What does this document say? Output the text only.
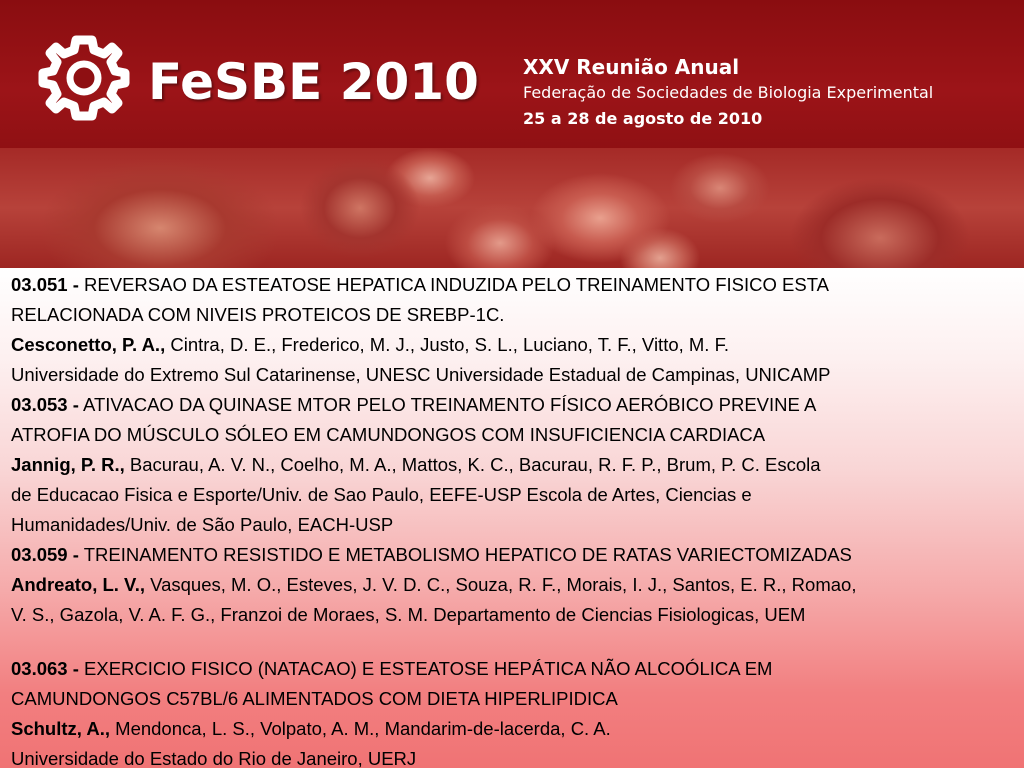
FeSBE 2010 XXV Reunião Anual
Federação de Sociedades de Biologia Experimental
25 a 28 de agosto de 2010

03.051 - REVERSAO DA ESTEATOSE HEPATICA INDUZIDA PELO TREINAMENTO FISICO ESTA

RELACIONADA COM NIVEIS PROTEICOS DE SREBP-1C.

Cesconetto, P. A., Cintra, D. E., Frederico, M. J., Justo, S. L., Luciano, T. F., Vitto, M. F.

Universidade do Extremo Sul Catarinense, UNESC Universidade Estadual de Campinas, UNICAMP

03.053 - ATIVACAO DA QUINASE MTOR PELO TREINAMENTO FÍSICO AERÓBICO PREVINE A

ATROFIA DO MÚSCULO SÓLEO EM CAMUNDONGOS COM INSUFICIENCIA CARDIACA

Jannig, P. R., Bacurau, A. V. N., Coelho, M. A., Mattos, K. C., Bacurau, R. F. P., Brum, P. C. Escola

de Educacao Fisica e Esporte/Univ. de Sao Paulo, EEFE-USP Escola de Artes, Ciencias e

Humanidades/Univ. de São Paulo, EACH-USP

03.059 - TREINAMENTO RESISTIDO E METABOLISMO HEPATICO DE RATAS VARIECTOMIZADAS

Andreato, L. V., Vasques, M. O., Esteves, J. V. D. C., Souza, R. F., Morais, I. J., Santos, E. R., Romao,

V. S., Gazola, V. A. F. G., Franzoi de Moraes, S. M. Departamento de Ciencias Fisiologicas, UEM

03.063 - EXERCICIO FISICO (NATACAO) E ESTEATOSE HEPÁTICA NÃO ALCOÓLICA EM

CAMUNDONGOS C57BL/6 ALIMENTADOS COM DIETA HIPERLIPIDICA

Schultz, A., Mendonca, L. S., Volpato, A. M., Mandarim-de-lacerda, C. A.

Universidade do Estado do Rio de Janeiro, UERJ
